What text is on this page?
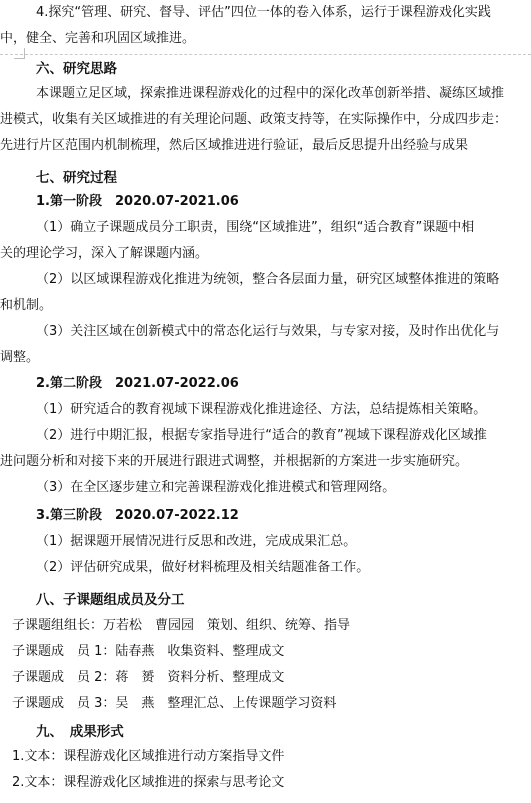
4.探究“管理、研究、督导、评估”四位一体的卷入体系，运行于课程游戏化实践
中，健全、完善和巩固区域推进。
六、研究思路
本课题立足区域，探索推进课程游戏化的过程中的深化改革创新举措、凝练区域推
进模式，收集有关区域推进的有关理论问题、政策支持等，在实际操作中，分成四步走：
先进行片区范围内机制梳理，然后区域推进进行验证，最后反思提升出经验与成果
七、研究过程
1.第一阶段　2020.07-2021.06
（1）确立子课题成员分工职责，围绕“区域推进”，组织“适合教育”课题中相
关的理论学习，深入了解课题内涵。
（2）以区域课程游戏化推进为统领，整合各层面力量，研究区域整体推进的策略
和机制。
（3）关注区域在创新模式中的常态化运行与效果，与专家对接，及时作出优化与
调整。
2.第二阶段　2021.07-2022.06
（1）研究适合的教育视域下课程游戏化推进途径、方法，总结提炼相关策略。
（2）进行中期汇报，根据专家指导进行“适合的教育”视域下课程游戏化区域推
进问题分析和对接下来的开展进行跟进式调整，并根据新的方案进一步实施研究。
（3）在全区逐步建立和完善课程游戏化推进模式和管理网络。
3.第三阶段　2020.07-2022.12
（1）据课题开展情况进行反思和改进，完成成果汇总。
（2）评估研究成果，做好材料梳理及相关结题准备工作。
八、子课题组成员及分工
子课题组组长：万若松　曹园园　策划、组织、统筹、指导
子课题成　员 1：陆春燕　收集资料、整理成文
子课题成　员 2：蒋　赟　资料分析、整理成文
子课题成　员 3：吴　燕　整理汇总、上传课题学习资料
九、　成果形式
1.文本：课程游戏化区域推进行动方案指导文件
2.文本：课程游戏化区域推进的探索与思考论文
